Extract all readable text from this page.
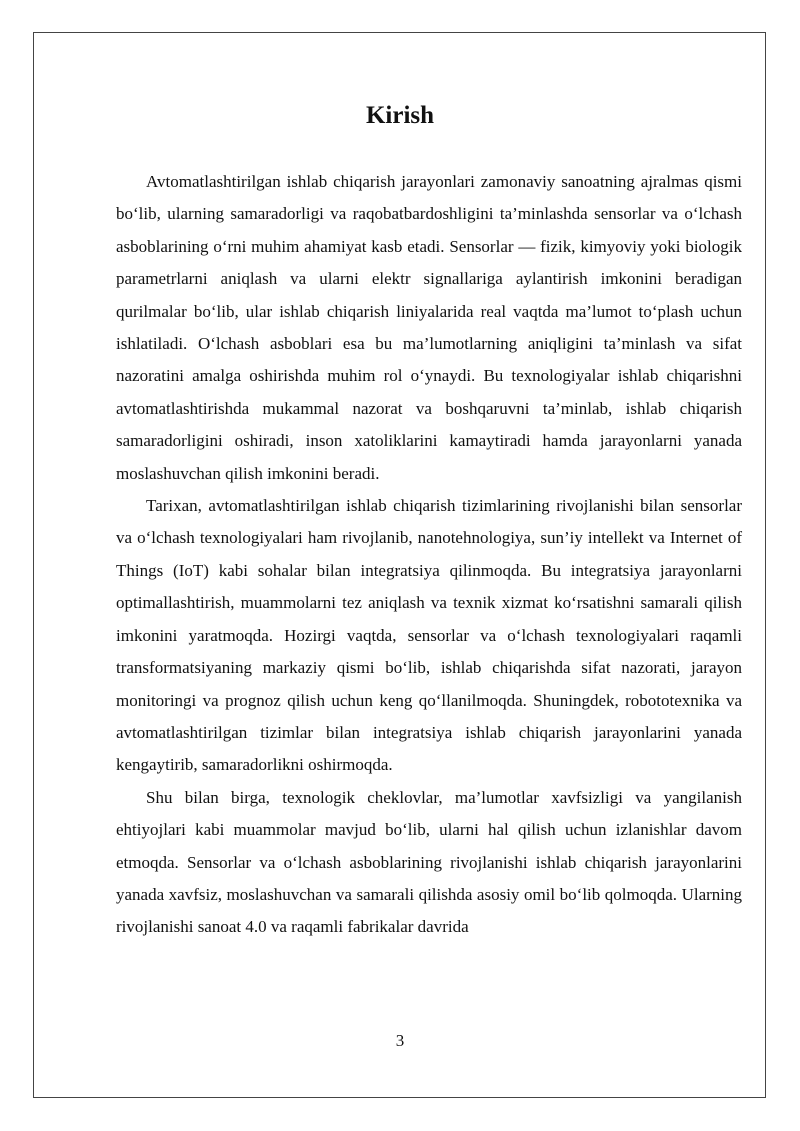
Kirish

Avtomatlashtirilgan ishlab chiqarish jarayonlari zamonaviy sanoatning ajralmas qismi bo‘lib, ularning samaradorligi va raqobatbardoshligini ta’minlashda sensorlar va o‘lchash asboblarining o‘rni muhim ahamiyat kasb etadi. Sensorlar — fizik, kimyoviy yoki biologik parametrlarni aniqlash va ularni elektr signallariga aylantirish imkonini beradigan qurilmalar bo‘lib, ular ishlab chiqarish liniyalarida real vaqtda ma’lumot to‘plash uchun ishlatiladi. O‘lchash asboblari esa bu ma’lumotlarning aniqligini ta’minlash va sifat nazoratini amalga oshirishda muhim rol o‘ynaydi. Bu texnologiyalar ishlab chiqarishni avtomatlashtirishda mukammal nazorat va boshqaruvni ta’minlab, ishlab chiqarish samaradorligini oshiradi, inson xatoliklarini kamaytiradi hamda jarayonlarni yanada moslashuvchan qilish imkonini beradi.

Tarixan, avtomatlashtirilgan ishlab chiqarish tizimlarining rivojlanishi bilan sensorlar va o‘lchash texnologiyalari ham rivojlanib, nanotehnologiya, sun’iy intellekt va Internet of Things (IoT) kabi sohalar bilan integratsiya qilinmoqda. Bu integratsiya jarayonlarni optimallashtirish, muammolarni tez aniqlash va texnik xizmat ko‘rsatishni samarali qilish imkonini yaratmoqda. Hozirgi vaqtda, sensorlar va o‘lchash texnologiyalari raqamli transformatsiyaning markaziy qismi bo‘lib, ishlab chiqarishda sifat nazorati, jarayon monitoringi va prognoz qilish uchun keng qo‘llanilmoqda. Shuningdek, robototexnika va avtomatlashtirilgan tizimlar bilan integratsiya ishlab chiqarish jarayonlarini yanada kengaytirib, samaradorlikni oshirmoqda.

Shu bilan birga, texnologik cheklovlar, ma’lumotlar xavfsizligi va yangilanish ehtiyojlari kabi muammolar mavjud bo‘lib, ularni hal qilish uchun izlanishlar davom etmoqda. Sensorlar va o‘lchash asboblarining rivojlanishi ishlab chiqarish jarayonlarini yanada xavfsiz, moslashuvchan va samarali qilishda asosiy omil bo‘lib qolmoqda. Ularning rivojlanishi sanoat 4.0 va raqamli fabrikalar davrida

3
